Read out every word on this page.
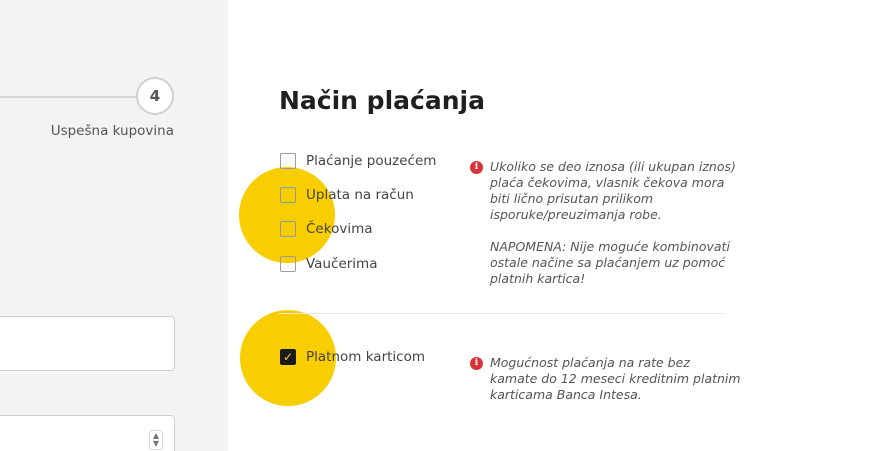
4
Uspešna kupovina
▲
▼
Način plaćanja
Plaćanje pouzećem
Uplata na račun
Čekovima
Vaučerima
i Ukoliko se deo iznosa (ili ukupan iznos)

plaća čekovima, vlasnik čekova mora

biti lično prisutan prilikom

isporuke/preuzimanja robe.

NAPOMENA: Nije moguće kombinovati

ostale načine sa plaćanjem uz pomoć

platnih kartica!

✓ Platnom karticom	i Mogućnost plaćanja na rate bez

kamate do 12 meseci kreditnim platnim

karticama Banca Intesa.
